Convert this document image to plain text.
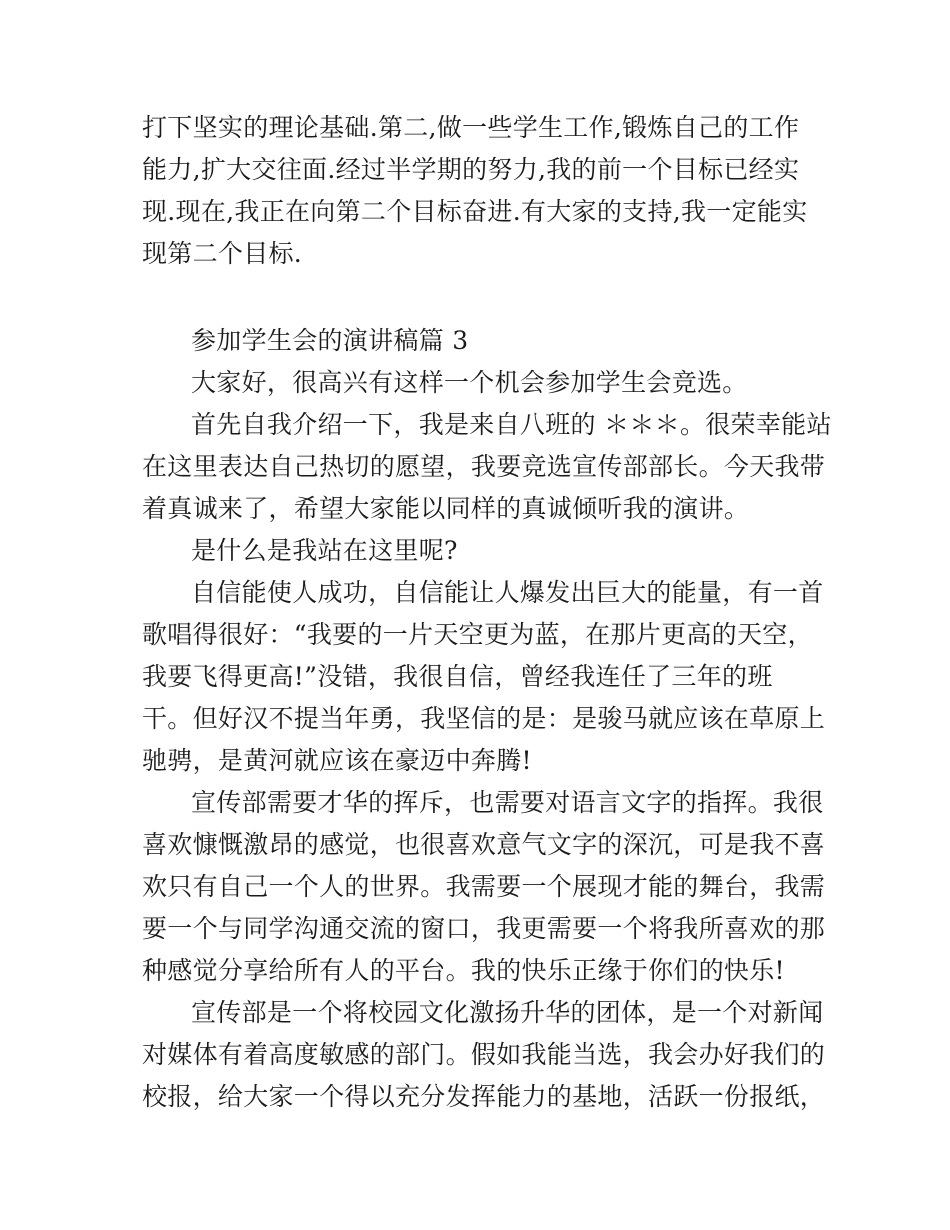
打下坚实的理论基础.第二,做一些学生工作,锻炼自己的工作
能力,扩大交往面.经过半学期的努力,我的前一个目标已经实
现.现在,我正在向第二个目标奋进.有大家的支持,我一定能实
现第二个目标.
参加学生会的演讲稿篇 3
大家好，很高兴有这样一个机会参加学生会竞选。
首先自我介绍一下，我是来自八班的 ＊＊＊。很荣幸能站
在这里表达自己热切的愿望，我要竞选宣传部部长。今天我带
着真诚来了，希望大家能以同样的真诚倾听我的演讲。
是什么是我站在这里呢?
自信能使人成功，自信能让人爆发出巨大的能量，有一首
歌唱得很好：“我要的一片天空更为蓝，在那片更高的天空，
我要飞得更高!”没错，我很自信，曾经我连任了三年的班
干。但好汉不提当年勇，我坚信的是：是骏马就应该在草原上
驰骋，是黄河就应该在豪迈中奔腾!
宣传部需要才华的挥斥，也需要对语言文字的指挥。我很
喜欢慷慨激昂的感觉，也很喜欢意气文字的深沉，可是我不喜
欢只有自己一个人的世界。我需要一个展现才能的舞台，我需
要一个与同学沟通交流的窗口，我更需要一个将我所喜欢的那
种感觉分享给所有人的平台。我的快乐正缘于你们的快乐!
宣传部是一个将校园文化激扬升华的团体，是一个对新闻
对媒体有着高度敏感的部门。假如我能当选，我会办好我们的
校报，给大家一个得以充分发挥能力的基地，活跃一份报纸，
